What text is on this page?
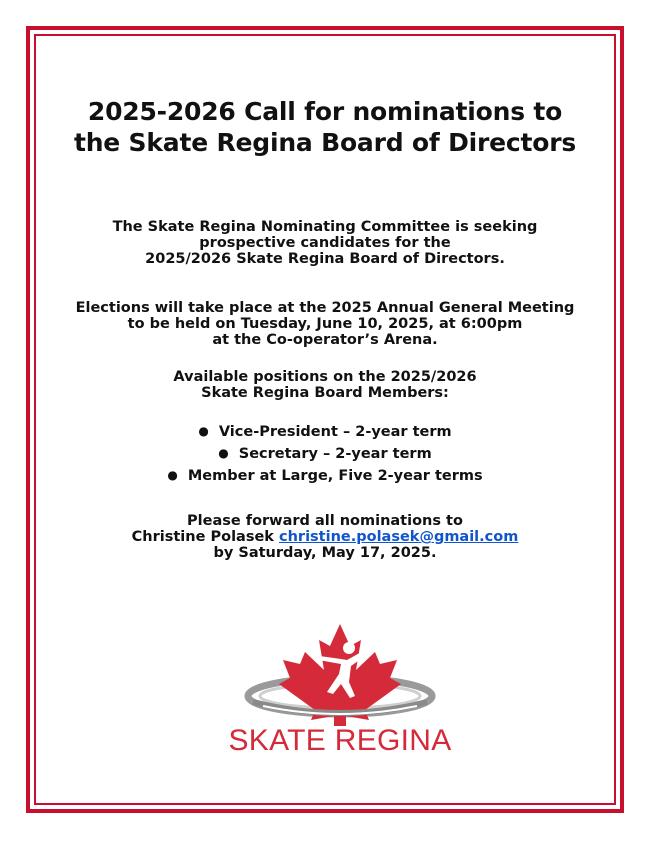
2025-2026 Call for nominations to
the Skate Regina Board of Directors
The Skate Regina Nominating Committee is seeking
prospective candidates for the
2025/2026 Skate Regina Board of Directors.
Elections will take place at the 2025 Annual General Meeting
to be held on Tuesday, June 10, 2025, at 6:00pm
at the Co-operator’s Arena.
Available positions on the 2025/2026
Skate Regina Board Members:
● Vice-President – 2-year term
● Secretary – 2-year term
● Member at Large, Five 2-year terms
Please forward all nominations to
Christine Polasek christine.polasek@gmail.com
by Saturday, May 17, 2025.
SKATE REGINA
